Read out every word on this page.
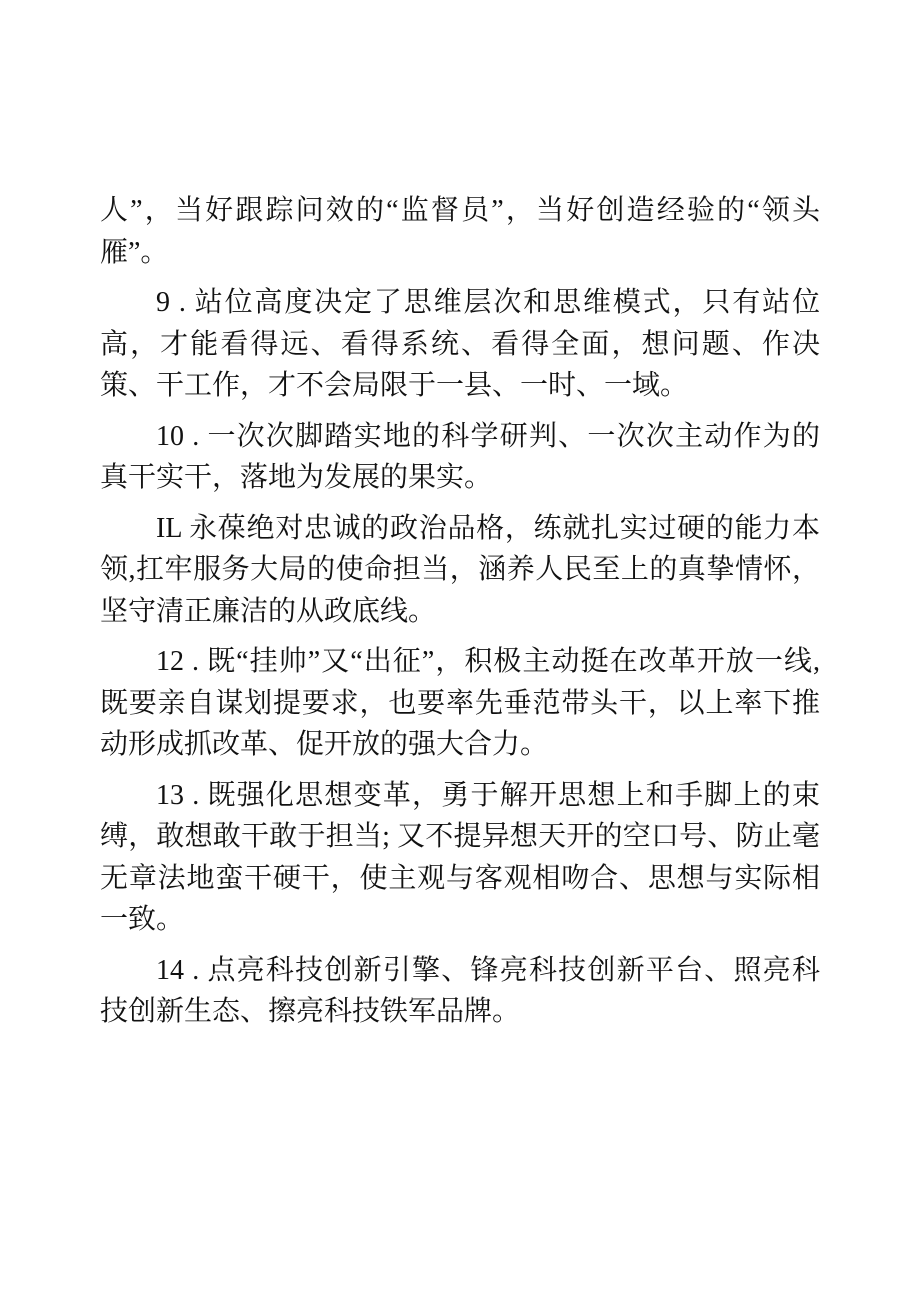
人”，当好跟踪问效的“监督员”，当好创造经验的“领头雁”。

9 . 站位高度决定了思维层次和思维模式，只有站位高，才能看得远、看得系统、看得全面，想问题、作决策、干工作，才不会局限于一县、一时、一域。

10 . 一次次脚踏实地的科学研判、一次次主动作为的真干实干，落地为发展的果实。

IL 永葆绝对忠诚的政治品格，练就扎实过硬的能力本领,扛牢服务大局的使命担当，涵养人民至上的真挚情怀，坚守清正廉洁的从政底线。

12 . 既“挂帅”又“出征”，积极主动挺在改革开放一线,既要亲自谋划提要求，也要率先垂范带头干，以上率下推动形成抓改革、促开放的强大合力。

13 . 既强化思想变革，勇于解开思想上和手脚上的束缚，敢想敢干敢于担当; 又不提异想天开的空口号、防止毫无章法地蛮干硬干，使主观与客观相吻合、思想与实际相一致。

14 . 点亮科技创新引擎、锋亮科技创新平台、照亮科技创新生态、擦亮科技铁军品牌。
